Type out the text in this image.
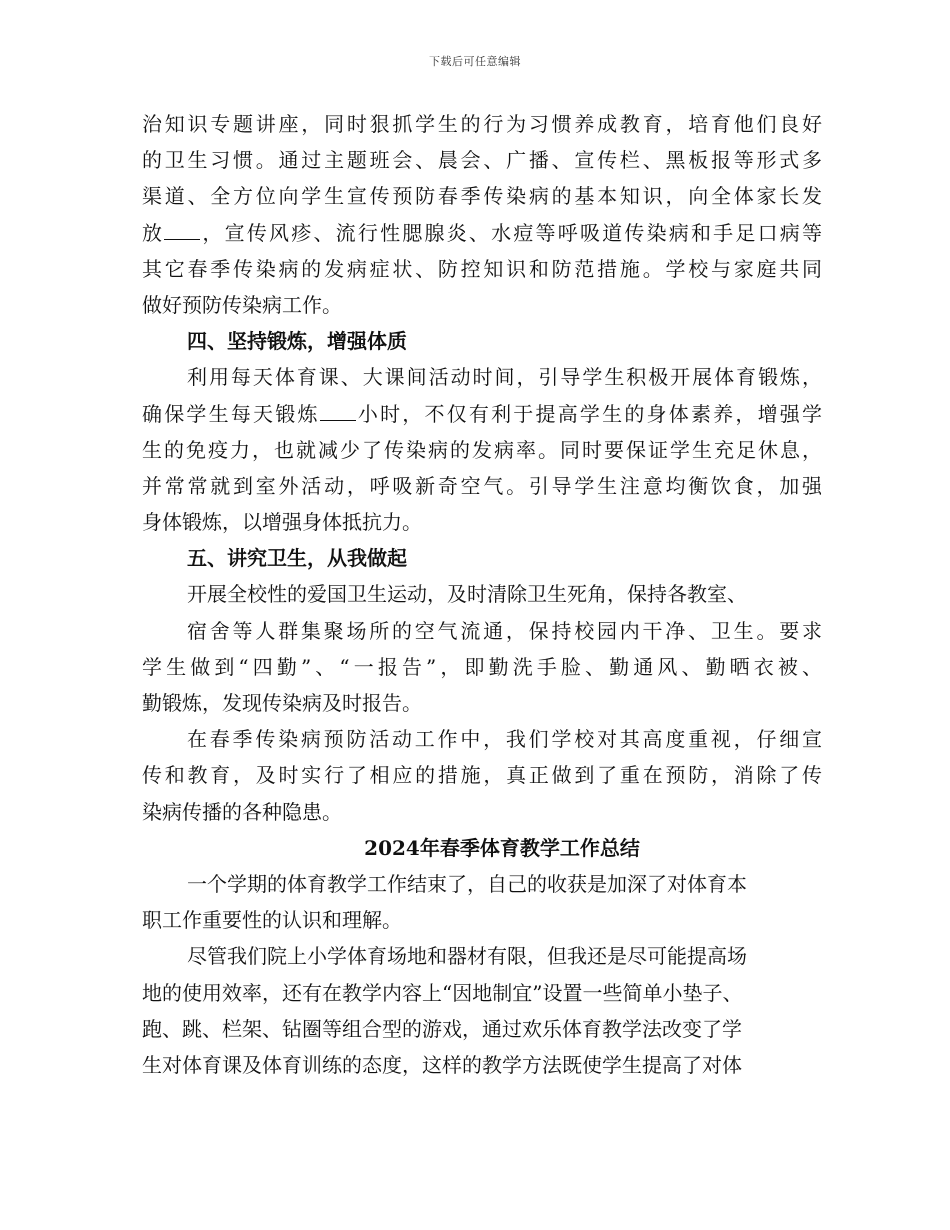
下载后可任意编辑
治知识专题讲座，同时狠抓学生的行为习惯养成教育，培育他们良好
的卫生习惯。通过主题班会、晨会、广播、宣传栏、黑板报等形式多
渠道、全方位向学生宣传预防春季传染病的基本知识，向全体家长发
放 ，宣传风疹、流行性腮腺炎、水痘等呼吸道传染病和手足口病等
其它春季传染病的发病症状、防控知识和防范措施。学校与家庭共同
做好预防传染病工作。
四、坚持锻炼，增强体质
利用每天体育课、大课间活动时间，引导学生积极开展体育锻炼，
确保学生每天锻炼 小时，不仅有利于提高学生的身体素养，增强学
生的免疫力，也就减少了传染病的发病率。同时要保证学生充足休息，
并常常就到室外活动，呼吸新奇空气。引导学生注意均衡饮食，加强
身体锻炼，以增强身体抵抗力。
五、讲究卫生，从我做起
开展全校性的爱国卫生运动，及时清除卫生死角，保持各教室、
宿舍等人群集聚场所的空气流通，保持校园内干净、卫生。要求
学生做到“四勤”、“一报告”，即勤洗手脸、勤通风、勤晒衣被、
勤锻炼，发现传染病及时报告。
在春季传染病预防活动工作中，我们学校对其高度重视，仔细宣
传和教育，及时实行了相应的措施，真正做到了重在预防，消除了传
染病传播的各种隐患。
2024年春季体育教学工作总结
一个学期的体育教学工作结束了，自己的收获是加深了对体育本
职工作重要性的认识和理解。
尽管我们院上小学体育场地和器材有限，但我还是尽可能提高场
地的使用效率，还有在教学内容上“因地制宜”设置一些简单小垫子、
跑、跳、栏架、钻圈等组合型的游戏，通过欢乐体育教学法改变了学
生对体育课及体育训练的态度，这样的教学方法既使学生提高了对体
